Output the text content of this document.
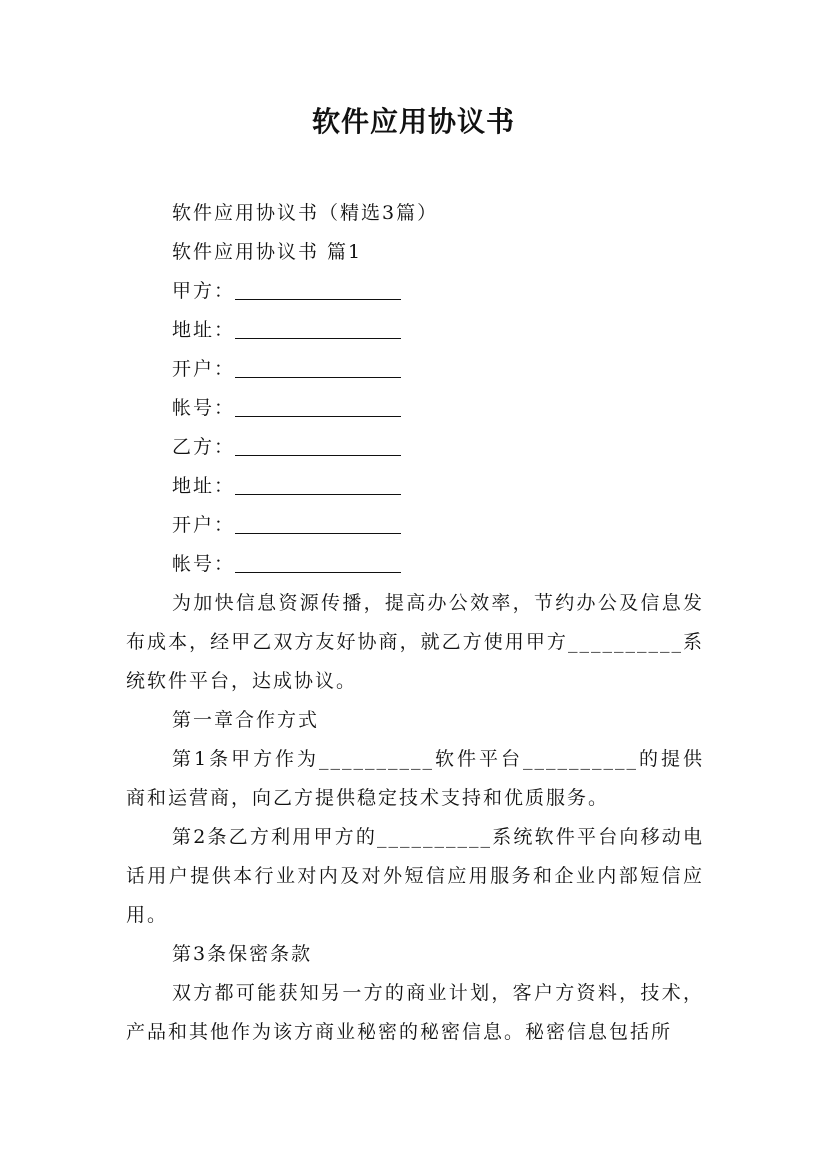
软件应用协议书
软件应用协议书（精选3篇）
软件应用协议书 篇1
甲方：
地址：
开户：
帐号：
乙方：
地址：
开户：
帐号：
为加快信息资源传播，提高办公效率，节约办公及信息发布成本，经甲乙双方友好协商，就乙方使用甲方__________系统软件平台，达成协议。
第一章合作方式
第1条甲方作为__________软件平台__________的提供商和运营商，向乙方提供稳定技术支持和优质服务。
第2条乙方利用甲方的__________系统软件平台向移动电话用户提供本行业对内及对外短信应用服务和企业内部短信应用。
第3条保密条款
双方都可能获知另一方的商业计划，客户方资料，技术，产品和其他作为该方商业秘密的秘密信息。秘密信息包括所
